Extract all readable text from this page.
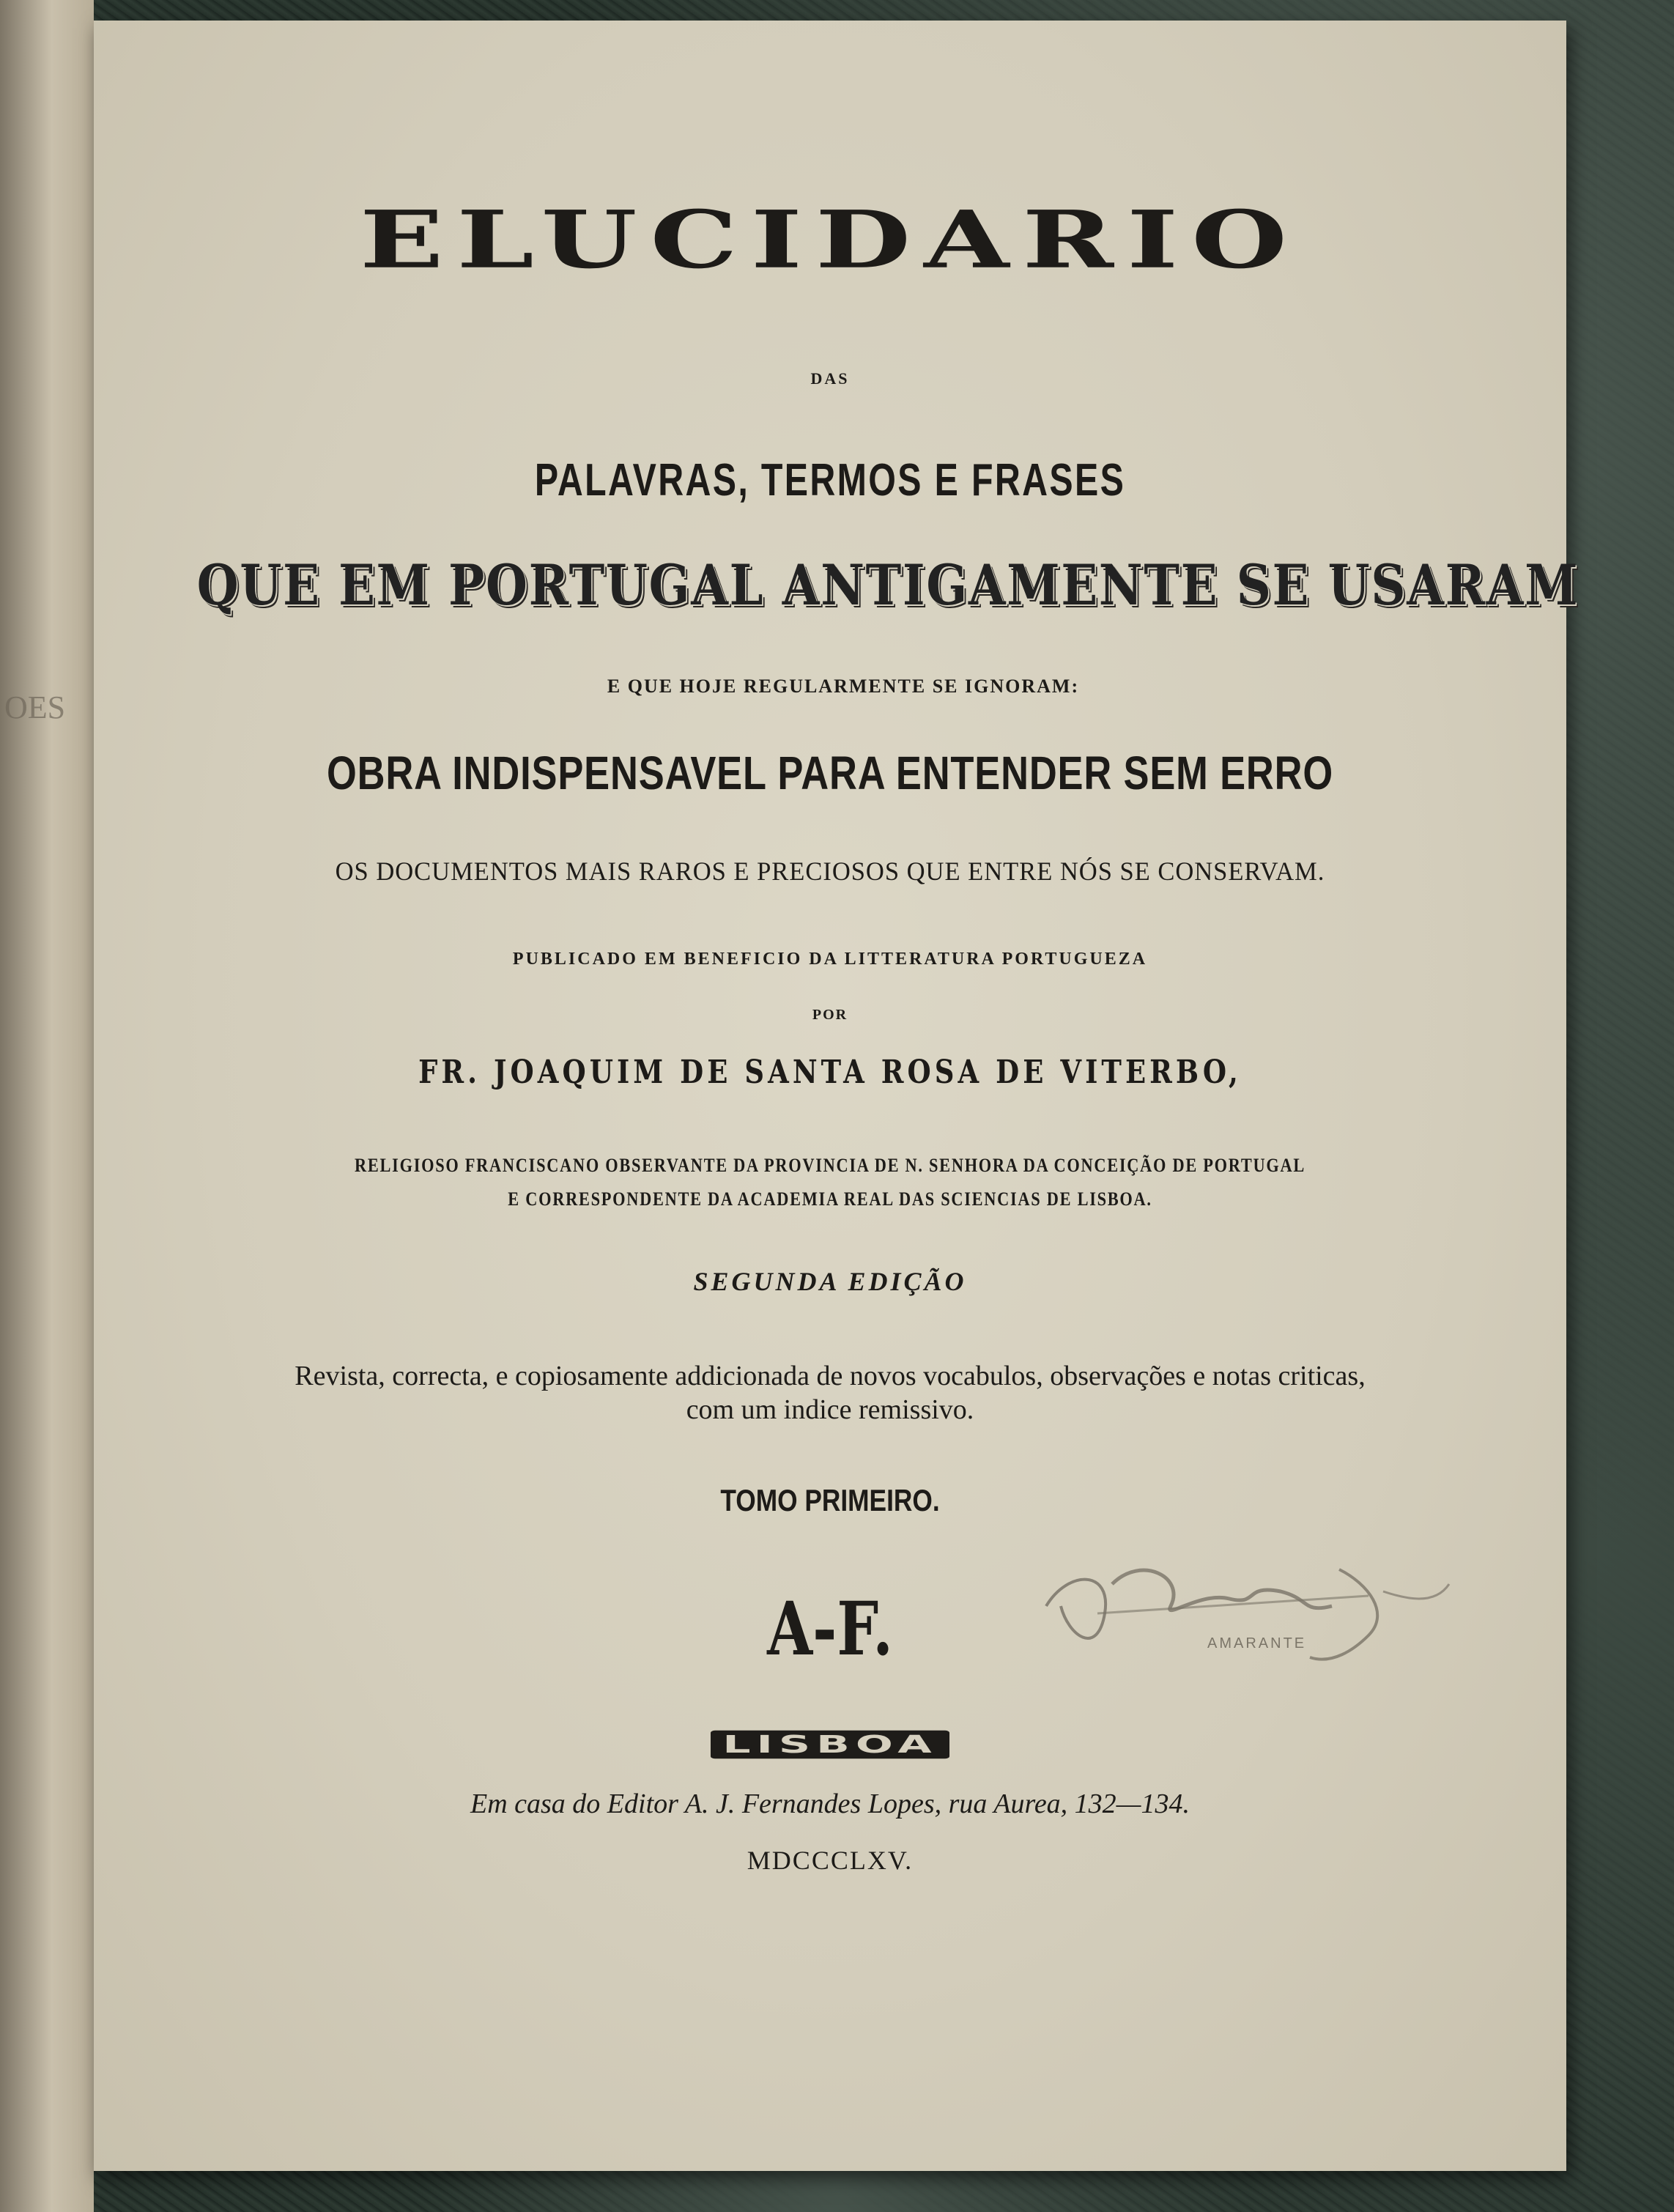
OES
ELUCIDARIO
DAS
PALAVRAS, TERMOS E FRASES
QUE EM PORTUGAL ANTIGAMENTE SE USARAM
E QUE HOJE REGULARMENTE SE IGNORAM:
OBRA INDISPENSAVEL PARA ENTENDER SEM ERRO
OS DOCUMENTOS MAIS RAROS E PRECIOSOS QUE ENTRE NÓS SE CONSERVAM.
PUBLICADO EM BENEFICIO DA LITTERATURA PORTUGUEZA
POR
FR. JOAQUIM DE SANTA ROSA DE VITERBO,
RELIGIOSO FRANCISCANO OBSERVANTE DA PROVINCIA DE N. SENHORA DA CONCEIÇÃO DE PORTUGAL
E CORRESPONDENTE DA ACADEMIA REAL DAS SCIENCIAS DE LISBOA.
SEGUNDA EDIÇÃO
Revista, correcta, e copiosamente addicionada de novos vocabulos, observações e notas criticas,
com um indice remissivo.
TOMO PRIMEIRO.
A-F.
LISBOA
Em casa do Editor A. J. Fernandes Lopes, rua Aurea, 132—134.
MDCCCLXV.
AMARANTE
